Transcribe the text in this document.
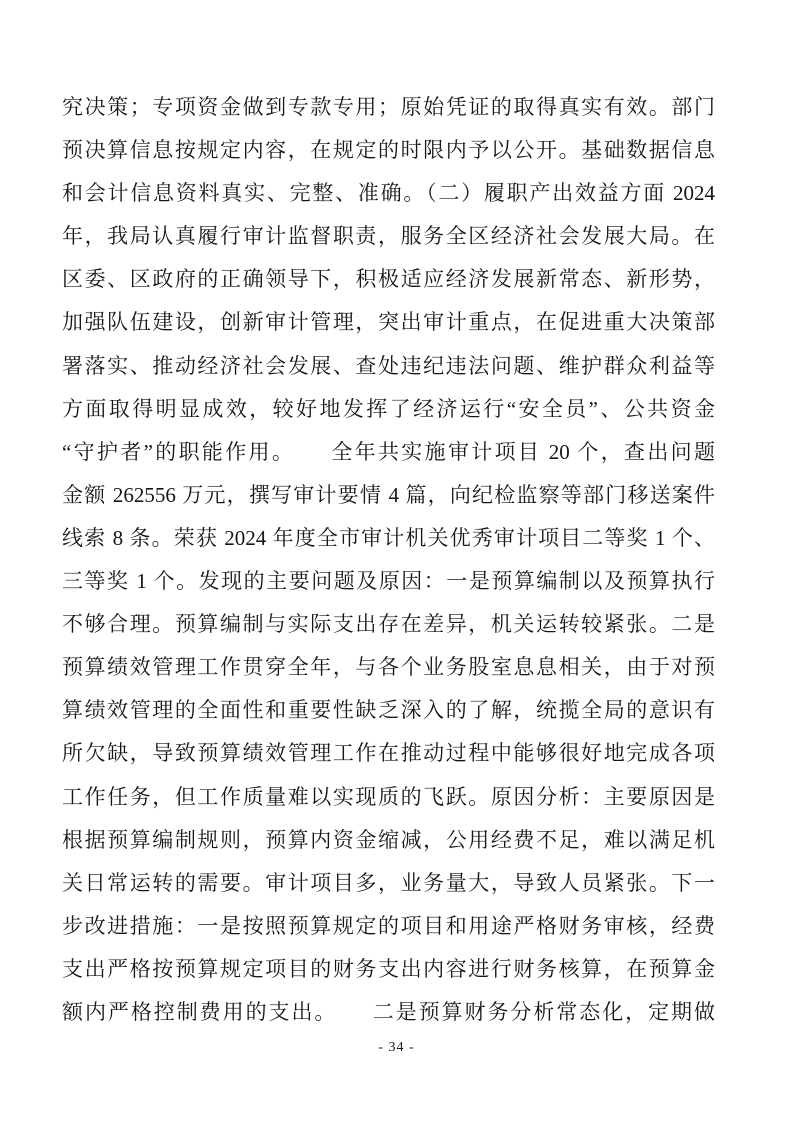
究决策；专项资金做到专款专用；原始凭证的取得真实有效。部门
预决算信息按规定内容，在规定的时限内予以公开。基础数据信息
和会计信息资料真实、完整、准确。（二）履职产出效益方面 2024
年，我局认真履行审计监督职责，服务全区经济社会发展大局。在
区委、区政府的正确领导下，积极适应经济发展新常态、新形势，
加强队伍建设，创新审计管理，突出审计重点，在促进重大决策部
署落实、推动经济社会发展、查处违纪违法问题、维护群众利益等
方面取得明显成效，较好地发挥了经济运行“安全员”、公共资金
“守护者”的职能作用。　　全年共实施审计项目 20 个，查出问题
金额 262556 万元，撰写审计要情 4 篇，向纪检监察等部门移送案件
线索 8 条。荣获 2024 年度全市审计机关优秀审计项目二等奖 1 个、
三等奖 1 个。发现的主要问题及原因：一是预算编制以及预算执行
不够合理。预算编制与实际支出存在差异，机关运转较紧张。二是
预算绩效管理工作贯穿全年，与各个业务股室息息相关，由于对预
算绩效管理的全面性和重要性缺乏深入的了解，统揽全局的意识有
所欠缺，导致预算绩效管理工作在推动过程中能够很好地完成各项
工作任务，但工作质量难以实现质的飞跃。原因分析：主要原因是
根据预算编制规则，预算内资金缩减，公用经费不足，难以满足机
关日常运转的需要。审计项目多，业务量大，导致人员紧张。下一
步改进措施：一是按照预算规定的项目和用途严格财务审核，经费
支出严格按预算规定项目的财务支出内容进行财务核算，在预算金
额内严格控制费用的支出。　　二是预算财务分析常态化，定期做
- 34 -
